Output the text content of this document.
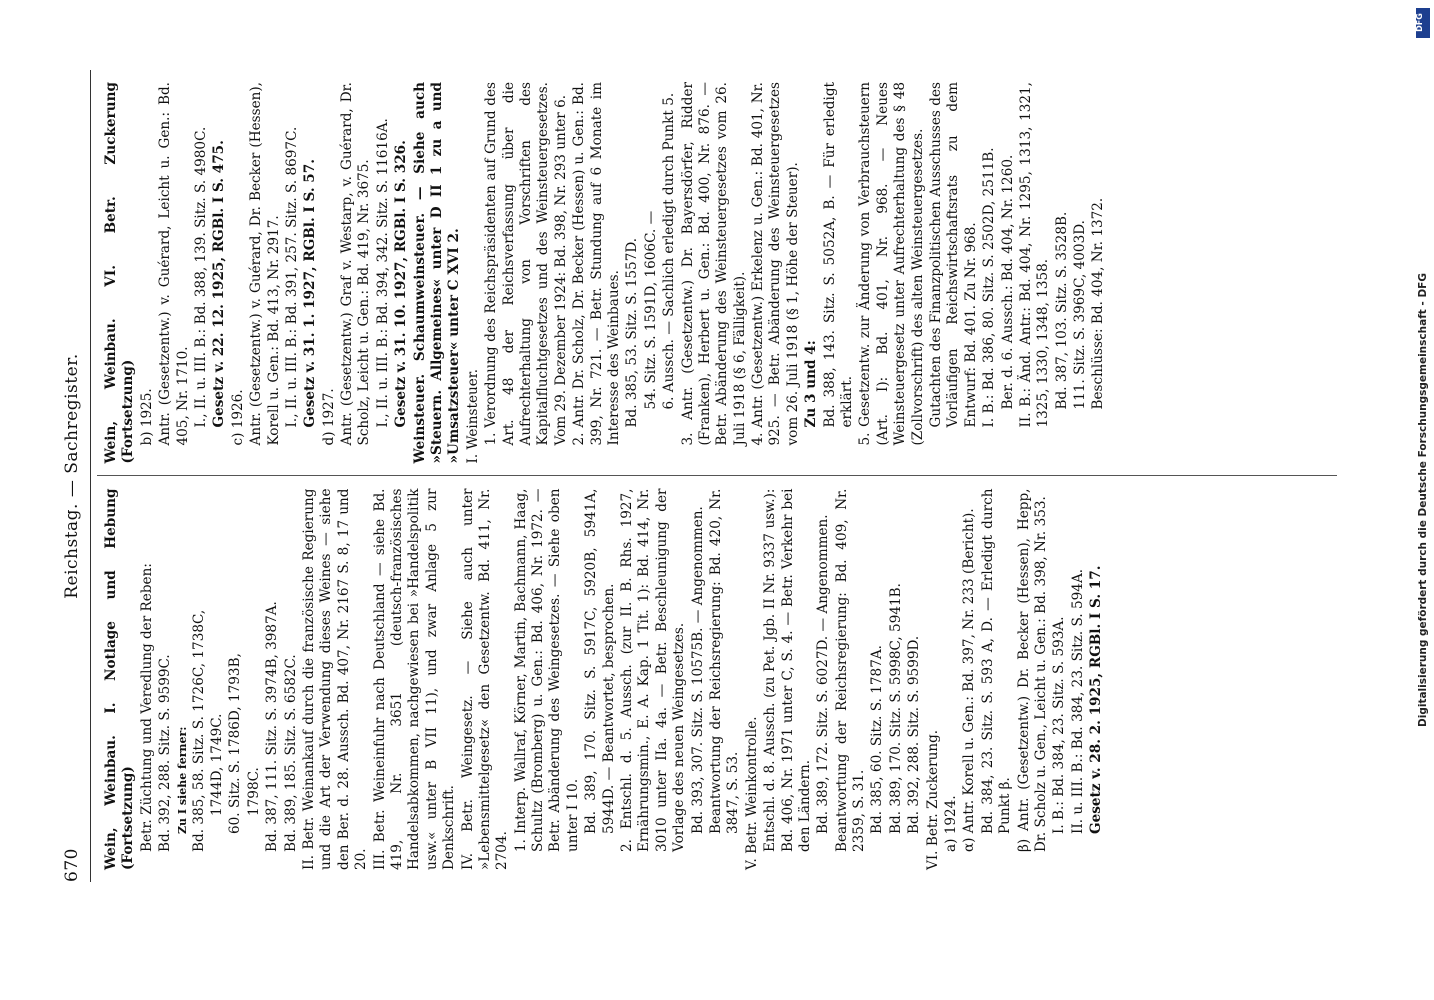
670
Reichstag. — Sachregister.
Wein, Weinbau. I. Notlage und Hebung (Fortsetzung) Betr. Züchtung und Veredlung der Reben: Bd. 392, 288. Sitz. S. 9599C. Zu I siehe ferner: Bd. 385, 58. Sitz. S. 1726C, 1738C, 1744D, 1749C. 60. Sitz. S. 1786D, 1793B, 1798C. Bd. 387, 111. Sitz. S. 3974B, 3987A. Bd. 389, 185. Sitz. S. 6582C. II. Betr. Weinankauf durch die französische Regierung und die Art der Verwendung dieses Weines — siehe den Ber. d. 28. Aussch. Bd. 407, Nr. 2167 S. 8, 17 und 20. III. Betr. Weineinfuhr nach Deutschland — siehe Bd. 419, Nr. 3651 (deutsch-französisches Handelsabkommen, nachgewiesen bei »Handelspolitik usw.« unter B VII 11), und zwar Anlage 5 zur Denkschrift. IV. Betr. Weingesetz. — Siehe auch unter »Lebensmittelgesetz« den Gesetzentw. Bd. 411, Nr. 2704. 1. Interp. Wallraf, Körner, Martin, Bachmann, Haag, Schultz (Bromberg) u. Gen.: Bd. 406, Nr. 1972. — Betr. Abänderung des Weingesetzes. — Siehe oben unter I 10. Bd. 389, 170. Sitz. S. 5917C, 5920B, 5941A, 5944D. — Beantwortet, besprochen. 2. Entschl. d. 5. Aussch. (zur II. B. Rhs. 1927, Ernährungsmin., E. A. Kap. 1 Tit. 1): Bd. 414, Nr. 3010 unter IIa. 4a. — Betr. Beschleunigung der Vorlage des neuen Weingesetzes. Bd. 393, 307. Sitz. S. 10575B. — Angenommen. Beantwortung der Reichsregierung: Bd. 420, Nr. 3847, S. 53. V. Betr. Weinkontrolle. Entschl. d. 8. Aussch. (zu Pet. Jgb. II Nr. 9337 usw.): Bd. 406, Nr. 1971 unter C, S. 4. — Betr. Verkehr bei den Ländern. Bd. 389, 172. Sitz. S. 6027D. — Angenommen. Beantwortung der Reichsregierung: Bd. 409, Nr. 2359, S. 31. Bd. 385, 60. Sitz. S. 1787A. Bd. 389, 170. Sitz. S. 5998C, 5941B. Bd. 392, 288. Sitz. S. 9599D. VI. Betr. Zuckerung. a) 1924. α) Antr. Korell u. Gen.: Bd. 397, Nr. 233 (Bericht). Bd. 384, 23. Sitz. S. 593 A, D. — Erledigt durch Punkt β. β) Antr. (Gesetzentw.) Dr. Becker (Hessen), Hepp, Dr. Scholz u. Gen., Leicht u. Gen.: Bd. 398, Nr. 353. I. B.: Bd. 384, 23. Sitz. S. 593A. II. u. III. B.: Bd. 384, 23. Sitz. S. 594A. Gesetz v. 28. 2. 1925, RGBl. I S. 17.
Wein, Weinbau. VI. Betr. Zuckerung (Fortsetzung) b) 1925. Antr. (Gesetzentw.) v. Guérard, Leicht u. Gen.: Bd. 405, Nr. 1710. I., II. u. III. B.: Bd. 388, 139. Sitz. S. 4980C. Gesetz v. 22. 12. 1925, RGBl. I S. 475. c) 1926. Antr. (Gesetzentw.) v. Guérard, Dr. Becker (Hessen), Korell u. Gen.: Bd. 413, Nr. 2917. I., II. u. III. B.: Bd. 391, 257. Sitz. S. 8697C. Gesetz v. 31. 1. 1927, RGBl. I S. 57. d) 1927. Antr. (Gesetzentw.) Graf v. Westarp, v. Guérard, Dr. Scholz, Leicht u. Gen.: Bd. 419, Nr. 3675. I., II. u. III. B.: Bd. 394, 342. Sitz. S. 11616A. Gesetz v. 31. 10. 1927, RGBl. I S. 326. Weinsteuer. Schaumweinsteuer. — Siehe auch »Steuern. Allgemeines« unter D II 1 zu a und »Umsatzsteuer« unter C XVI 2. I. Weinsteuer. 1. Verordnung des Reichspräsidenten auf Grund des Art. 48 der Reichsverfassung über die Aufrechterhaltung von Vorschriften des Kapitalfluchtgesetzes und des Weinsteuergesetzes. Vom 29. Dezember 1924: Bd. 398, Nr. 293 unter 6. 2. Antr. Dr. Scholz, Dr. Becker (Hessen) u. Gen.: Bd. 399, Nr. 721. — Betr. Stundung auf 6 Monate im Interesse des Weinbaues. Bd. 385, 53. Sitz. S. 1557D. 54. Sitz. S. 1591D, 1606C. — 6. Aussch. — Sachlich erledigt durch Punkt 5. 3. Antr. (Gesetzentw.) Dr. Bayersdörfer, Ridder (Franken), Herbert u. Gen.: Bd. 400, Nr. 876. — Betr. Abänderung des Weinsteuergesetzes vom 26. Juli 1918 (§ 6, Fälligkeit). 4. Antr. (Gesetzentw.) Erkelenz u. Gen.: Bd. 401, Nr. 925. — Betr. Abänderung des Weinsteuergesetzes vom 26. Juli 1918 (§ 1, Höhe der Steuer). Zu 3 und 4: Bd. 388, 143. Sitz. S. 5052A, B. — Für erledigt erklärt. 5. Gesetzentw. zur Änderung von Verbrauchsteuern (Art. I): Bd. 401, Nr. 968. — Neues Weinsteuergesetz unter Aufrechterhaltung des § 48 (Zollvorschrift) des alten Weinsteuergesetzes. Gutachten des Finanzpolitischen Ausschusses des Vorläufigen Reichswirtschaftsrats zu dem Entwurf: Bd. 401. Zu Nr. 968. I. B.: Bd. 386, 80. Sitz. S. 2502D, 2511B. Ber. d. 6. Aussch.: Bd. 404, Nr. 1260. II. B.: Änd. Antr.: Bd. 404, Nr. 1295, 1313, 1321, 1325, 1330, 1348, 1358. Bd. 387, 103. Sitz. S. 3528B. 111. Sitz. S. 3969C, 4003D. Beschlüsse: Bd. 404, Nr. 1372.
DFG
Digitalisierung gefördert durch die Deutsche Forschungsgemeinschaft - DFG
